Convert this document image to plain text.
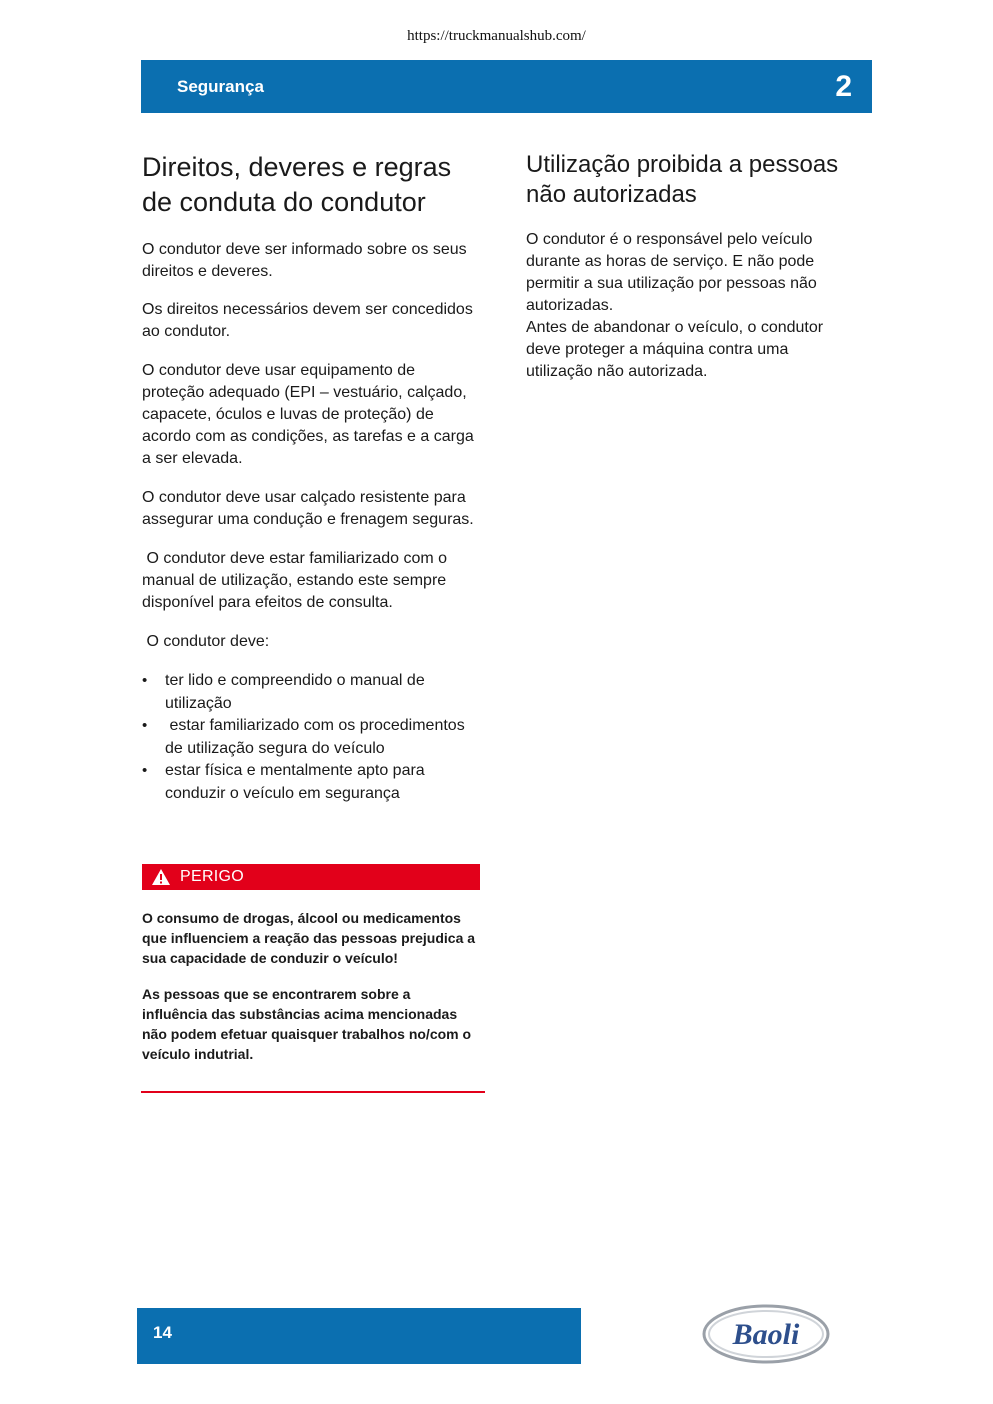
https://truckmanualshub.com/
Segurança	2
Direitos, deveres e regras de conduta do condutor

O condutor deve ser informado sobre os seus direitos e deveres.

Os direitos necessários devem ser concedidos ao condutor.

O condutor deve usar equipamento de proteção adequado (EPI – vestuário, calçado, capacete, óculos e luvas de proteção) de acordo com as condições, as tarefas e a carga a ser elevada.

O condutor deve usar calçado resistente para assegurar uma condução e frenagem seguras.

O condutor deve estar familiarizado com o manual de utilização, estando este sempre disponível para efeitos de consulta.

O condutor deve:

• ter lido e compreendido o manual de utilização
•  estar familiarizado com os procedimentos de utilização segura do veículo
• estar física e mentalmente apto para conduzir o veículo em segurança
PERIGO

O consumo de drogas, álcool ou medicamentos que influenciem a reação das pessoas prejudica a sua capacidade de conduzir o veículo!

As pessoas que se encontrarem sobre a influência das substâncias acima mencionadas não podem efetuar quaisquer trabalhos no/com o veículo indutrial.

Utilização proibida a pessoas não autorizadas

O condutor é o responsável pelo veículo durante as horas de serviço. E não pode permitir a sua utilização por pessoas não autorizadas.

Antes de abandonar o veículo, o condutor deve proteger a máquina contra uma utilização não autorizada.

14	Baoli
